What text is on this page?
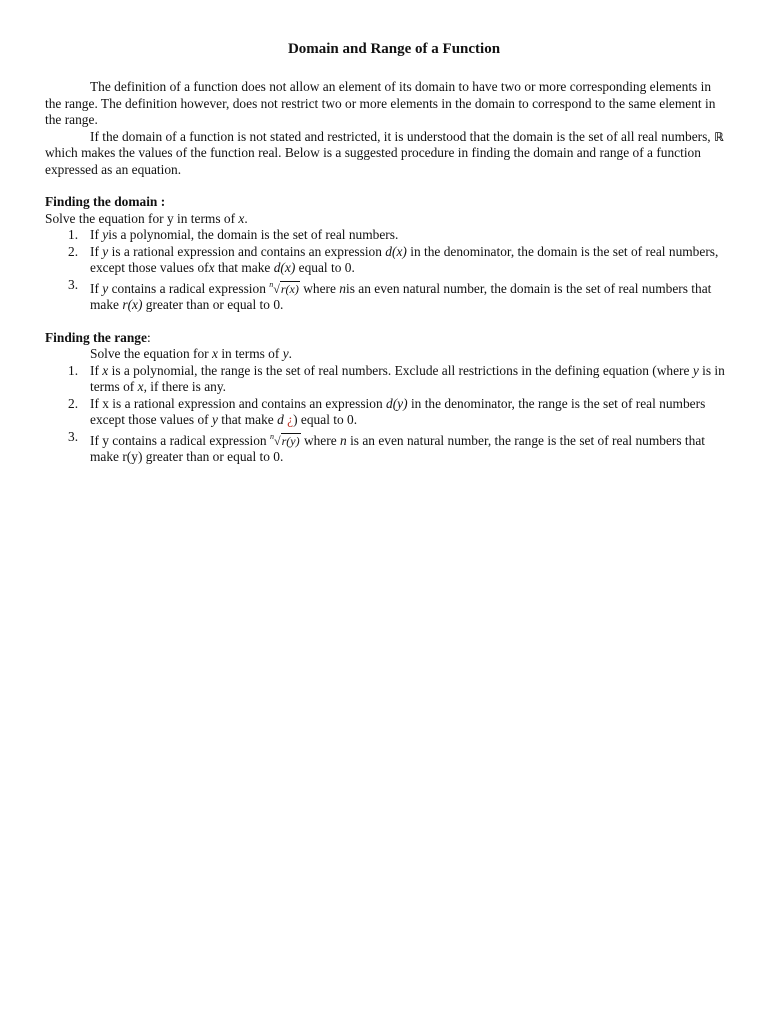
Domain and Range of a Function

The definition of a function does not allow an element of its domain to have two or more corresponding elements in the range. The definition however, does not restrict two or more elements in the domain to correspond to the same element in the range.

If the domain of a function is not stated and restricted, it is understood that the domain is the set of all real numbers, ℝ which makes the values of the function real. Below is a suggested procedure in finding the domain and range of a function expressed as an equation.

Finding the domain :

Solve the equation for y in terms of x.

1. If yis a polynomial, the domain is the set of real numbers.
2. If y is a rational expression and contains an expression d(x) in the denominator, the domain is the set of real numbers, except those values ofx that make d(x) equal to 0.
3. If y contains a radical expression $^n$√r(x) where nis an even natural number, the domain is the set of real numbers that make r(x) greater than or equal to 0.

Finding the range:

Solve the equation for x in terms of y.

1. If x is a polynomial, the range is the set of real numbers. Exclude all restrictions in the defining equation (where y is in terms of x, if there is any.
2. If x is a rational expression and contains an expression d(y) in the denominator, the range is the set of real numbers except those values of y that make d ¿) equal to 0.
3. If y contains a radical expression $^n$√r(y) where n is an even natural number, the range is the set of real numbers that make r(y) greater than or equal to 0.
